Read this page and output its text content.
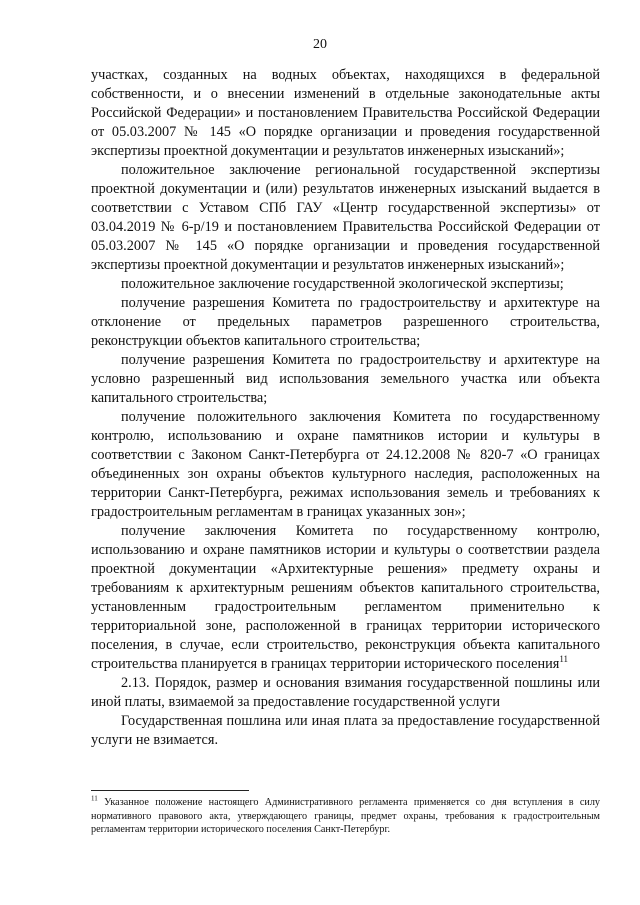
20

участках, созданных на водных объектах, находящихся в федеральной собственности, и о внесении изменений в отдельные законодательные акты Российской Федерации» и постановлением Правительства Российской Федерации от 05.03.2007 № 145 «О порядке организации и проведения государственной экспертизы проектной документации и результатов инженерных изысканий»;

положительное заключение региональной государственной экспертизы проектной документации и (или) результатов инженерных изысканий выдается в соответствии с Уставом СПб ГАУ «Центр государственной экспертизы» от 03.04.2019 № 6-р/19 и постановлением Правительства Российской Федерации от 05.03.2007 № 145 «О порядке организации и проведения государственной экспертизы проектной документации и результатов инженерных изысканий»;

положительное заключение государственной экологической экспертизы;

получение разрешения Комитета по градостроительству и архитектуре на отклонение от предельных параметров разрешенного строительства, реконструкции объектов капитального строительства;

получение разрешения Комитета по градостроительству и архитектуре на условно разрешенный вид использования земельного участка или объекта капитального строительства;

получение положительного заключения Комитета по государственному контролю, использованию и охране памятников истории и культуры в соответствии с Законом Санкт-Петербурга от 24.12.2008 № 820-7 «О границах объединенных зон охраны объектов культурного наследия, расположенных на территории Санкт-Петербурга, режимах использования земель и требованиях к градостроительным регламентам в границах указанных зон»;

получение заключения Комитета по государственному контролю, использованию и охране памятников истории и культуры о соответствии раздела проектной документации «Архитектурные решения» предмету охраны и требованиям к архитектурным решениям объектов капитального строительства, установленным градостроительным регламентом применительно к территориальной зоне, расположенной в границах территории исторического поселения, в случае, если строительство, реконструкция объекта капитального строительства планируется в границах территории исторического поселения$^{11}$

2.13. Порядок, размер и основания взимания государственной пошлины или иной платы, взимаемой за предоставление государственной услуги

Государственная пошлина или иная плата за предоставление государственной услуги не взимается.

$^{11}$ Указанное положение настоящего Административного регламента применяется со дня вступления в силу нормативного правового акта, утверждающего границы, предмет охраны, требования к градостроительным регламентам территории исторического поселения Санкт-Петербург.
